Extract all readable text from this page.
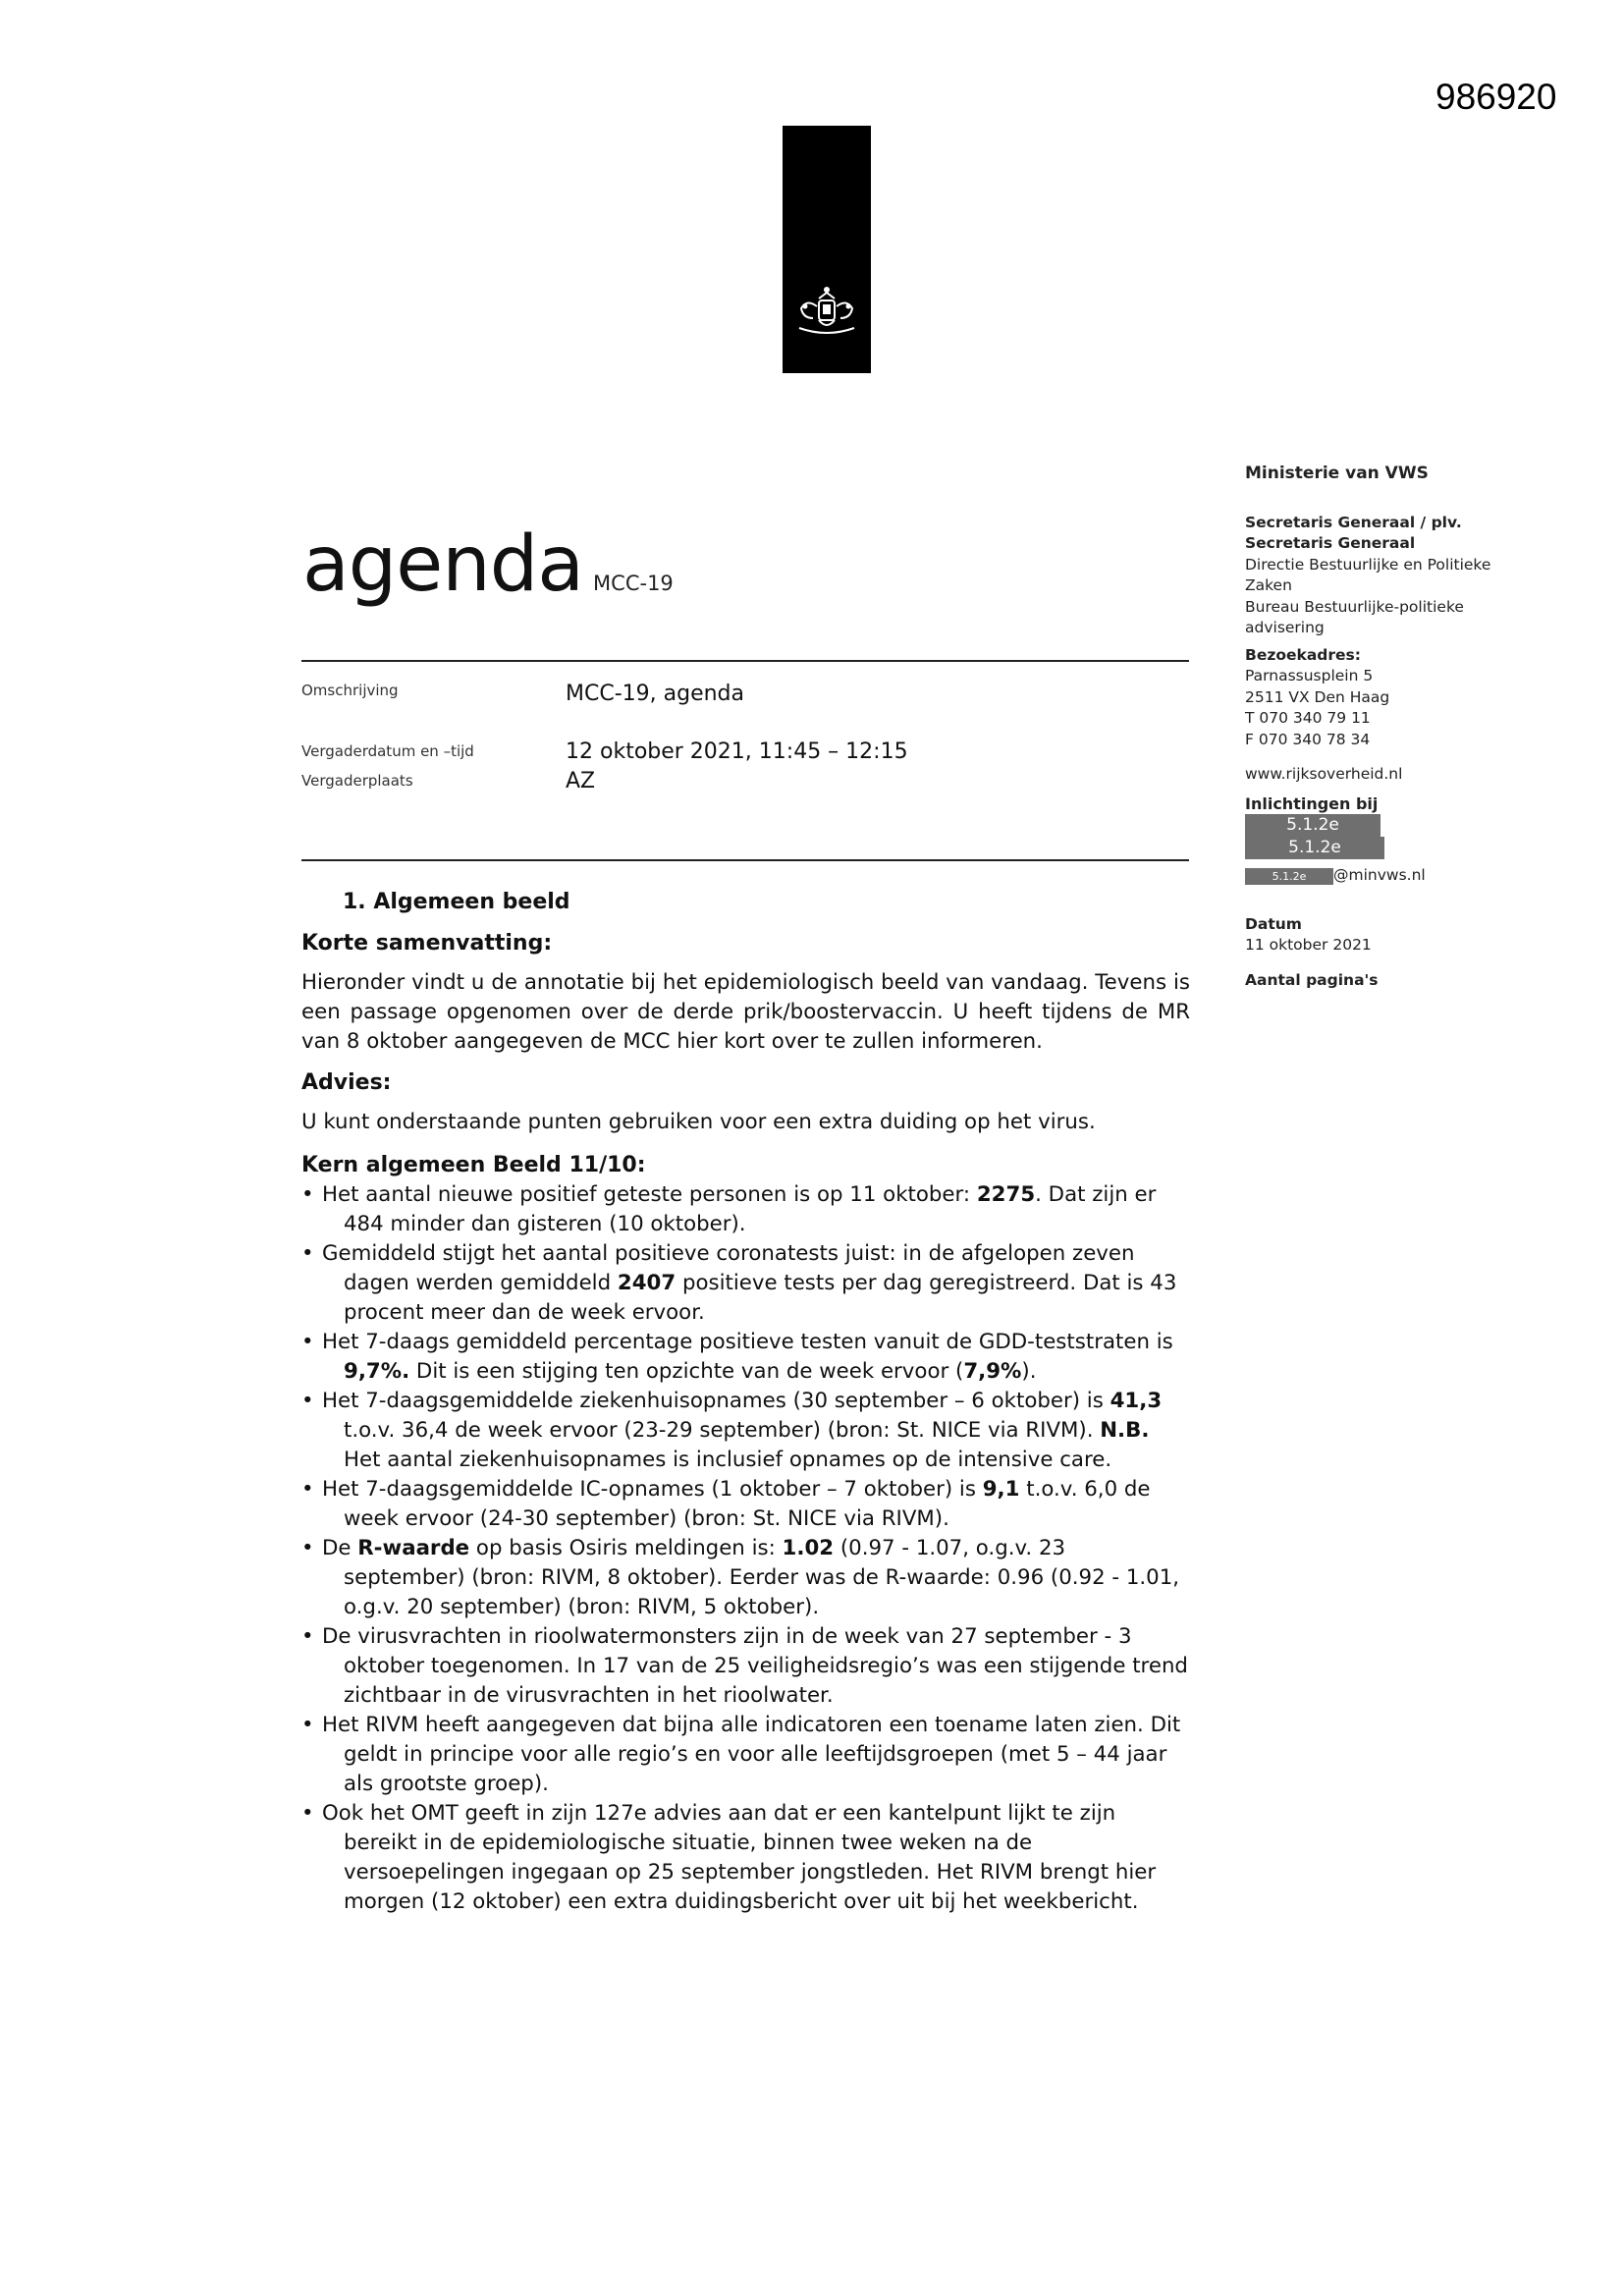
986920
agenda MCC-19
Omschrijving	MCC-19, agenda
Vergaderdatum en –tijd	12 oktober 2021, 11:45 – 12:15
Vergaderplaats	AZ

1. Algemeen beeld

Korte samenvatting:

Hieronder vindt u de annotatie bij het epidemiologisch beeld van vandaag. Tevens is een passage opgenomen over de derde prik/boostervaccin. U heeft tijdens de MR van 8 oktober aangegeven de MCC hier kort over te zullen informeren.

Advies:

U kunt onderstaande punten gebruiken voor een extra duiding op het virus.

Kern algemeen Beeld 11/10:

• Het aantal nieuwe positief geteste personen is op 11 oktober: 2275. Dat zijn er 484 minder dan gisteren (10 oktober).
• Gemiddeld stijgt het aantal positieve coronatests juist: in de afgelopen zeven dagen werden gemiddeld 2407 positieve tests per dag geregistreerd. Dat is 43 procent meer dan de week ervoor.
• Het 7-daags gemiddeld percentage positieve testen vanuit de GDD-teststraten is 9,7%. Dit is een stijging ten opzichte van de week ervoor (7,9%).
• Het 7-daagsgemiddelde ziekenhuisopnames (30 september – 6 oktober) is 41,3 t.o.v. 36,4 de week ervoor (23-29 september) (bron: St. NICE via RIVM). N.B. Het aantal ziekenhuisopnames is inclusief opnames op de intensive care.
• Het 7-daagsgemiddelde IC-opnames (1 oktober – 7 oktober) is 9,1 t.o.v. 6,0 de week ervoor (24-30 september) (bron: St. NICE via RIVM).
• De R-waarde op basis Osiris meldingen is: 1.02 (0.97 - 1.07, o.g.v. 23 september) (bron: RIVM, 8 oktober). Eerder was de R-waarde: 0.96 (0.92 - 1.01, o.g.v. 20 september) (bron: RIVM, 5 oktober).
• De virusvrachten in rioolwatermonsters zijn in de week van 27 september - 3 oktober toegenomen. In 17 van de 25 veiligheidsregio’s was een stijgende trend zichtbaar in de virusvrachten in het rioolwater.
• Het RIVM heeft aangegeven dat bijna alle indicatoren een toename laten zien. Dit geldt in principe voor alle regio’s en voor alle leeftijdsgroepen (met 5 – 44 jaar als grootste groep).
• Ook het OMT geeft in zijn 127e advies aan dat er een kantelpunt lijkt te zijn bereikt in de epidemiologische situatie, binnen twee weken na de versoepelingen ingegaan op 25 september jongstleden. Het RIVM brengt hier morgen (12 oktober) een extra duidingsbericht over uit bij het weekbericht.
Ministerie van VWS
Secretaris Generaal / plv.
Secretaris Generaal
Directie Bestuurlijke en Politieke
Zaken
Bureau Bestuurlijke-politieke
advisering
Bezoekadres:
Parnassusplein 5
2511 VX Den Haag
T 070 340 79 11
F 070 340 78 34
www.rijksoverheid.nl
Inlichtingen bij
5.1.2e
5.1.2e
5.1.2e @minvws.nl
Datum
11 oktober 2021
Aantal pagina's
